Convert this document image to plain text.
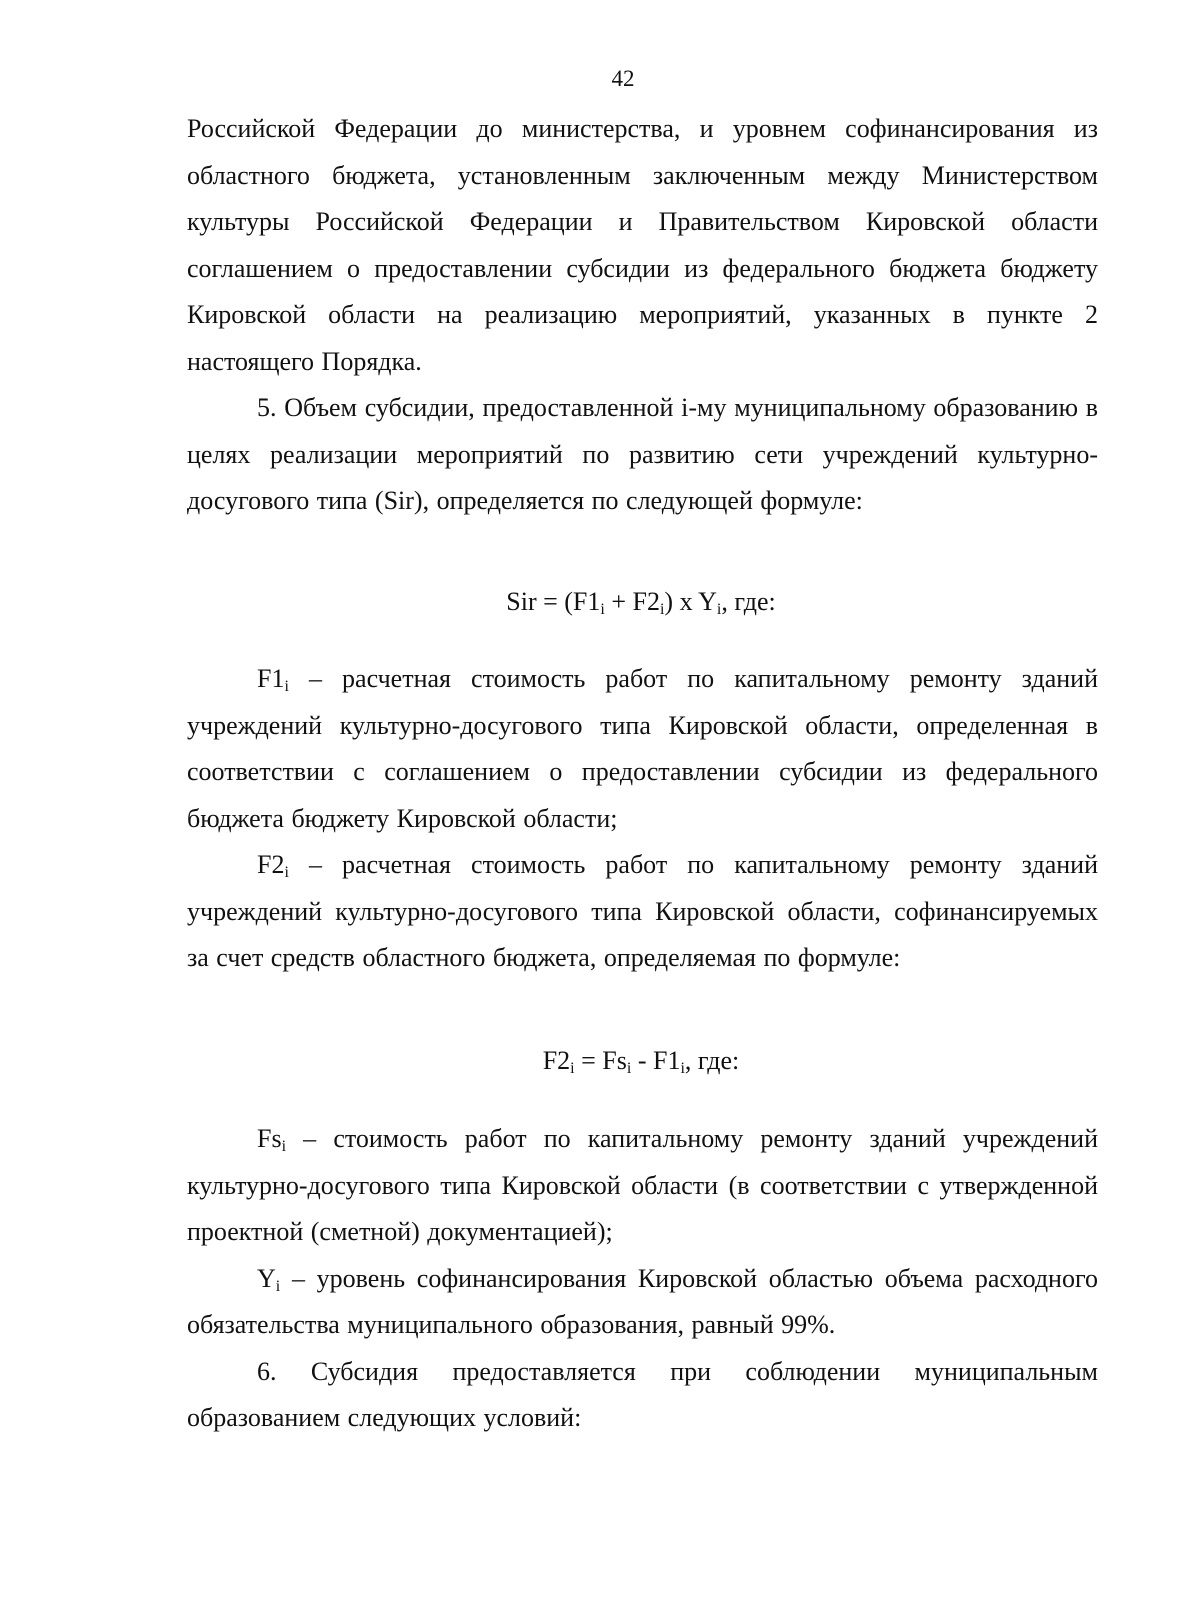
42

Российской Федерации до министерства, и уровнем софинансирования из областного бюджета, установленным заключенным между Министерством культуры Российской Федерации и Правительством Кировской области соглашением о предоставлении субсидии из федерального бюджета бюджету Кировской области на реализацию мероприятий, указанных в пункте 2 настоящего Порядка.

5. Объем субсидии, предоставленной i-му муниципальному образованию в целях реализации мероприятий по развитию сети учреждений культурно-досугового типа (Sir), определяется по следующей формуле:

Sir = $(F1_i + F2_i)$ x $Y_i$, где:

$F1_i$ – расчетная стоимость работ по капитальному ремонту зданий учреждений культурно-досугового типа Кировской области, определенная в соответствии с соглашением о предоставлении субсидии из федерального бюджета бюджету Кировской области;

$F2_i$ – расчетная стоимость работ по капитальному ремонту зданий учреждений культурно-досугового типа Кировской области, софинансируемых за счет средств областного бюджета, определяемая по формуле:

$F2_i = Fs_i - F1_i$, где:

$Fs_i$ – стоимость работ по капитальному ремонту зданий учреждений культурно-досугового типа Кировской области (в соответствии с утвержденной проектной (сметной) документацией);

$Y_i$ – уровень софинансирования Кировской областью объема расходного обязательства муниципального образования, равный 99%.

6. Субсидия предоставляется при соблюдении муниципальным образованием следующих условий:
